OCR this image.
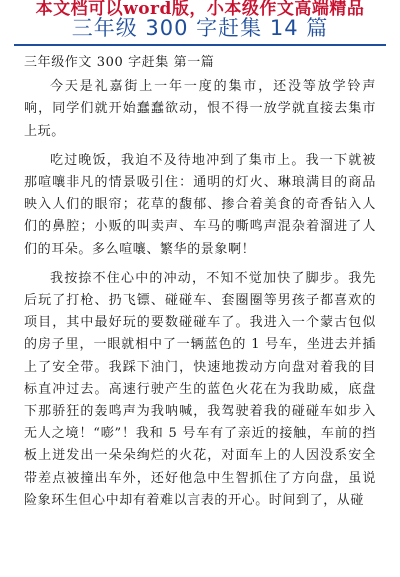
本文档可以word版，小本级作文高端精品
三年级 300 字赶集 14 篇

三年级作文 300 字赶集 第一篇

今天是礼嘉街上一年一度的集市，还没等放学铃声响，同学们就开始蠢蠢欲动，恨不得一放学就直接去集市上玩。

吃过晚饭，我迫不及待地冲到了集市上。我一下就被那喧嚷非凡的情景吸引住：通明的灯火、琳琅满目的商品映入人们的眼帘；花草的馥郁、掺合着美食的奇香钻入人们的鼻腔；小贩的叫卖声、车马的嘶鸣声混杂着溜进了人们的耳朵。多么喧嚷、繁华的景象啊！

我按捺不住心中的冲动，不知不觉加快了脚步。我先后玩了打枪、扔飞镖、碰碰车、套圈圈等男孩子都喜欢的项目，其中最好玩的要数碰碰车了。我进入一个蒙古包似的房子里，一眼就相中了一辆蓝色的 1 号车，坐进去并插上了安全带。我踩下油门，快速地拨动方向盘对着我的目标直冲过去。高速行驶产生的蓝色火花在为我助威，底盘下那骄狂的轰鸣声为我呐喊，我驾驶着我的碰碰车如步入无人之境！“嘭”！我和 5 号车有了亲近的接触，车前的挡板上迸发出一朵朵绚烂的火花，对面车上的人因没系安全带差点被撞出车外，还好他急中生智抓住了方向盘，虽说险象环生但心中却有着难以言表的开心。时间到了，从碰
